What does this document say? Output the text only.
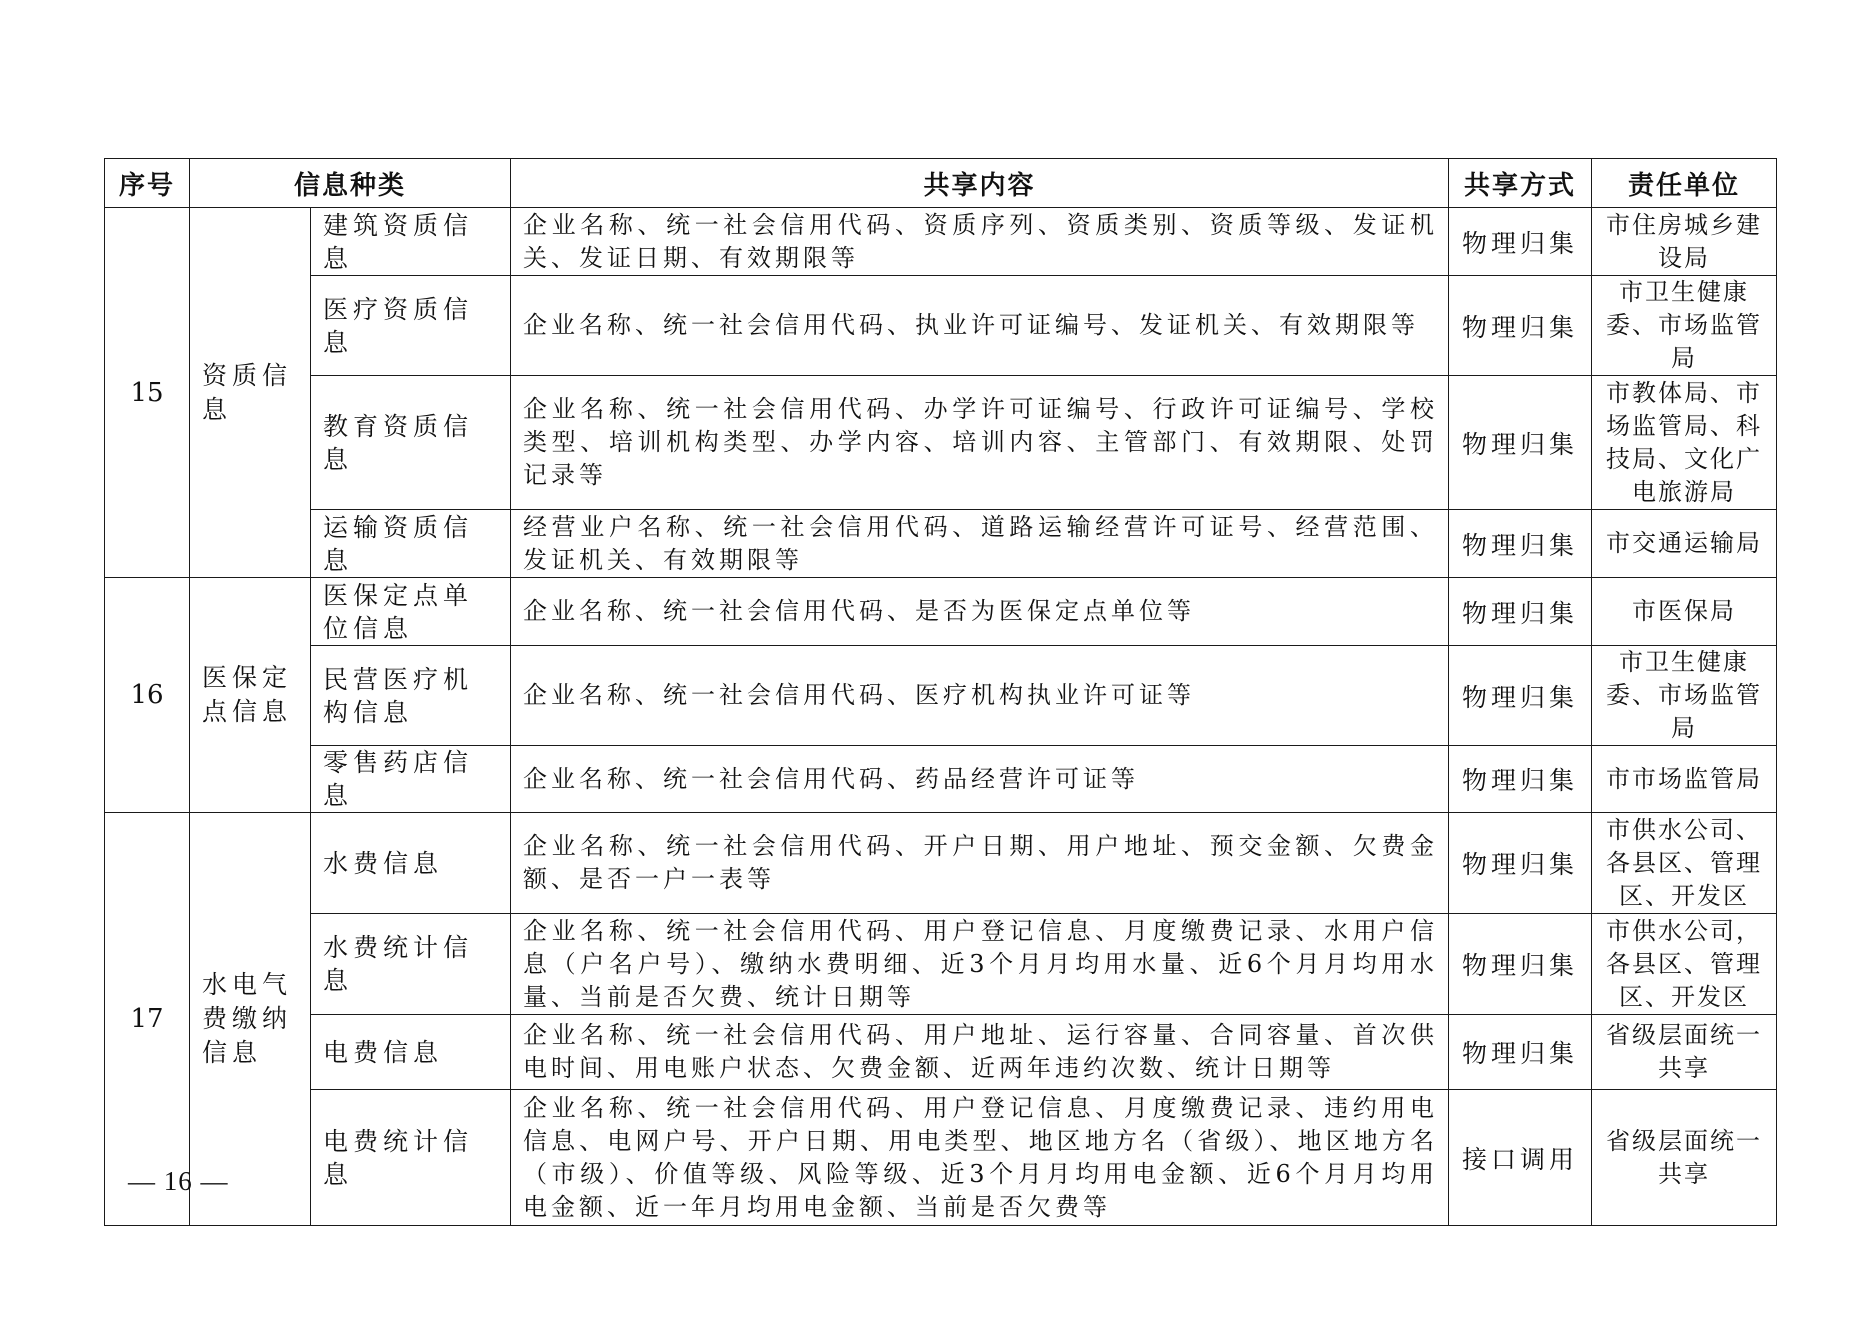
序号	信息种类		共享内容	共享方式	责任单位
15	资质信息	建筑资质信息	企业名称、统一社会信用代码、资质序列、资质类别、资质等级、发证机关、发证日期、有效期限等	物理归集	市住房城乡建设局
		医疗资质信息	企业名称、统一社会信用代码、执业许可证编号、发证机关、有效期限等	物理归集	市卫生健康委、市场监管局
		教育资质信息	企业名称、统一社会信用代码、办学许可证编号、行政许可证编号、学校类型、培训机构类型、办学内容、培训内容、主管部门、有效期限、处罚记录等	物理归集	市教体局、市场监管局、科技局、文化广电旅游局
		运输资质信息	经营业户名称、统一社会信用代码、道路运输经营许可证号、经营范围、发证机关、有效期限等	物理归集	市交通运输局
16	医保定点信息	医保定点单位信息	企业名称、统一社会信用代码、是否为医保定点单位等	物理归集	市医保局
		民营医疗机构信息	企业名称、统一社会信用代码、医疗机构执业许可证等	物理归集	市卫生健康委、市场监管局
		零售药店信息	企业名称、统一社会信用代码、药品经营许可证等	物理归集	市市场监管局
17	水电气费缴纳信息	水费信息	企业名称、统一社会信用代码、开户日期、用户地址、预交金额、欠费金额、是否一户一表等	物理归集	市供水公司、各县区、管理区、开发区
		水费统计信息	企业名称、统一社会信用代码、用户登记信息、月度缴费记录、水用户信息（户名户号）、缴纳水费明细、近3个月月均用水量、近6个月月均用水量、当前是否欠费、统计日期等	物理归集	市供水公司，各县区、管理区、开发区
		电费信息	企业名称、统一社会信用代码、用户地址、运行容量、合同容量、首次供电时间、用电账户状态、欠费金额、近两年违约次数、统计日期等	物理归集	省级层面统一共享
		电费统计信息	企业名称、统一社会信用代码、用户登记信息、月度缴费记录、违约用电信息、电网户号、开户日期、用电类型、地区地方名（省级）、地区地方名（市级）、价值等级、风险等级、近3个月月均用电金额、近6个月月均用电金额、近一年月均用电金额、当前是否欠费等	接口调用	省级层面统一共享
— 16 —
